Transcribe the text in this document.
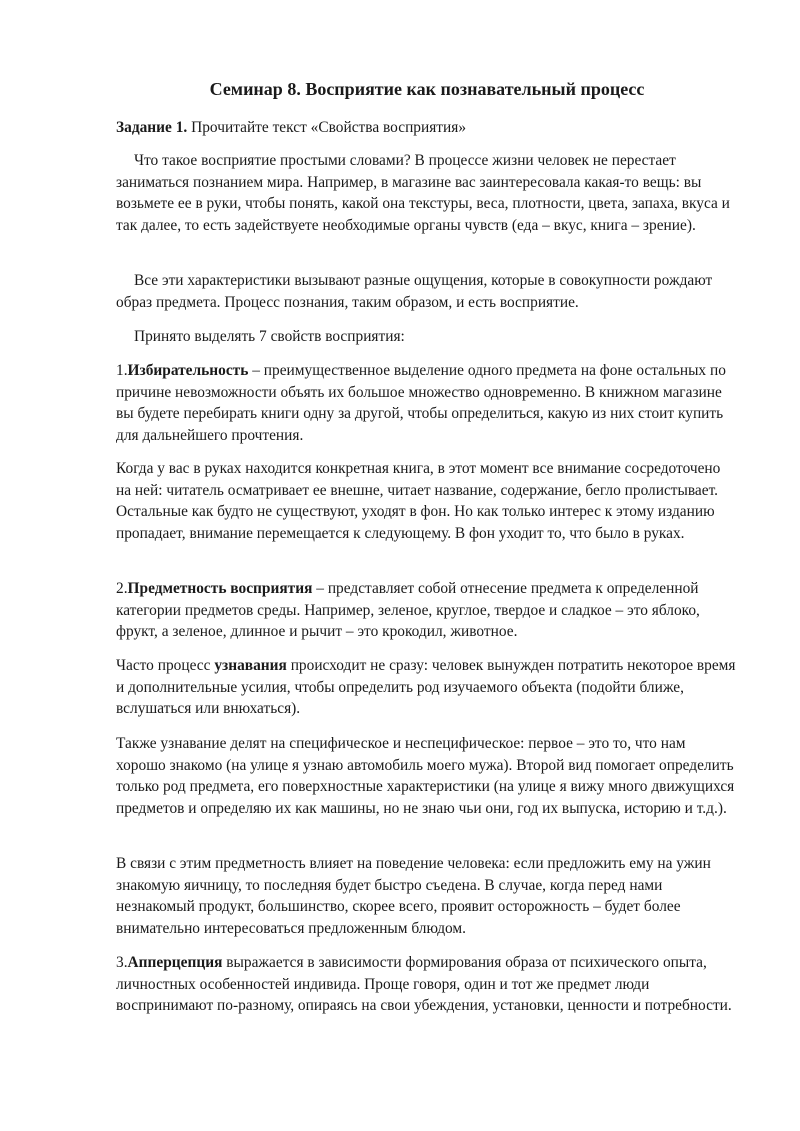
Семинар 8. Восприятие как познавательный процесс

Задание 1. Прочитайте текст «Свойства восприятия»

Что такое восприятие простыми словами? В процессе жизни человек не перестает заниматься познанием мира. Например, в магазине вас заинтересовала какая-то вещь: вы возьмете ее в руки, чтобы понять, какой она текстуры, веса, плотности, цвета, запаха, вкуса и так далее, то есть задействуете необходимые органы чувств (еда – вкус, книга – зрение).

Все эти характеристики вызывают разные ощущения, которые в совокупности рождают образ предмета. Процесс познания, таким образом, и есть восприятие.

Принято выделять 7 свойств восприятия:

1.Избирательность – преимущественное выделение одного предмета на фоне остальных по причине невозможности объять их большое множество одновременно. В книжном магазине вы будете перебирать книги одну за другой, чтобы определиться, какую из них стоит купить для дальнейшего прочтения.

Когда у вас в руках находится конкретная книга, в этот момент все внимание сосредоточено на ней: читатель осматривает ее внешне, читает название, содержание, бегло пролистывает. Остальные как будто не существуют, уходят в фон. Но как только интерес к этому изданию пропадает, внимание перемещается к следующему. В фон уходит то, что было в руках.

2.Предметность восприятия – представляет собой отнесение предмета к определенной категории предметов среды. Например, зеленое, круглое, твердое и сладкое – это яблоко, фрукт, а зеленое, длинное и рычит – это крокодил, животное.

Часто процесс узнавания происходит не сразу: человек вынужден потратить некоторое время и дополнительные усилия, чтобы определить род изучаемого объекта (подойти ближе, вслушаться или внюхаться).

Также узнавание делят на специфическое и неспецифическое: первое – это то, что нам хорошо знакомо (на улице я узнаю автомобиль моего мужа). Второй вид помогает определить только род предмета, его поверхностные характеристики (на улице я вижу много движущихся предметов и определяю их как машины, но не знаю чьи они, год их выпуска, историю и т.д.).

В связи с этим предметность влияет на поведение человека: если предложить ему на ужин знакомую яичницу, то последняя будет быстро съедена. В случае, когда перед нами незнакомый продукт, большинство, скорее всего, проявит осторожность – будет более внимательно интересоваться предложенным блюдом.

3.Апперцепция выражается в зависимости формирования образа от психического опыта, личностных особенностей индивида. Проще говоря, один и тот же предмет люди воспринимают по-разному, опираясь на свои убеждения, установки, ценности и потребности.
